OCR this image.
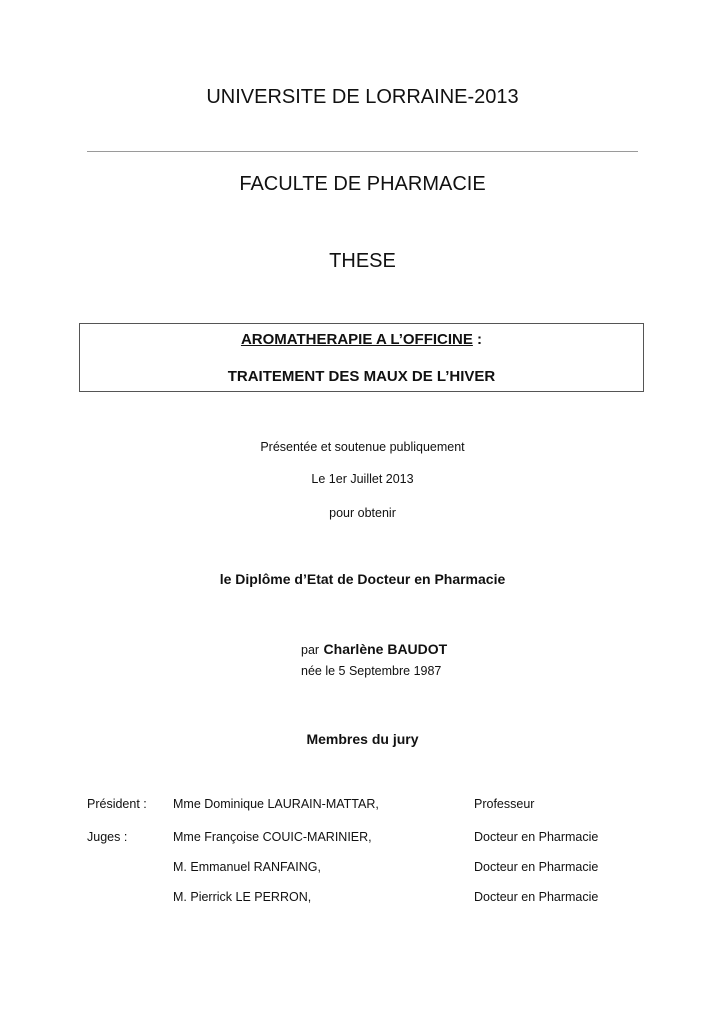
UNIVERSITE DE LORRAINE-2013
FACULTE DE PHARMACIE
THESE
AROMATHERAPIE A L’OFFICINE :
TRAITEMENT DES MAUX DE L’HIVER
Présentée et soutenue publiquement
Le 1er Juillet 2013
pour obtenir
le Diplôme d’Etat de Docteur en Pharmacie
par Charlène BAUDOT
née le 5 Septembre 1987
Membres du jury
Président : Mme Dominique LAURAIN-MATTAR,	Professeur
Juges :	Mme Françoise COUIC-MARINIER,	Docteur en Pharmacie
M. Emmanuel RANFAING,	Docteur en Pharmacie
M. Pierrick LE PERRON,	Docteur en Pharmacie
